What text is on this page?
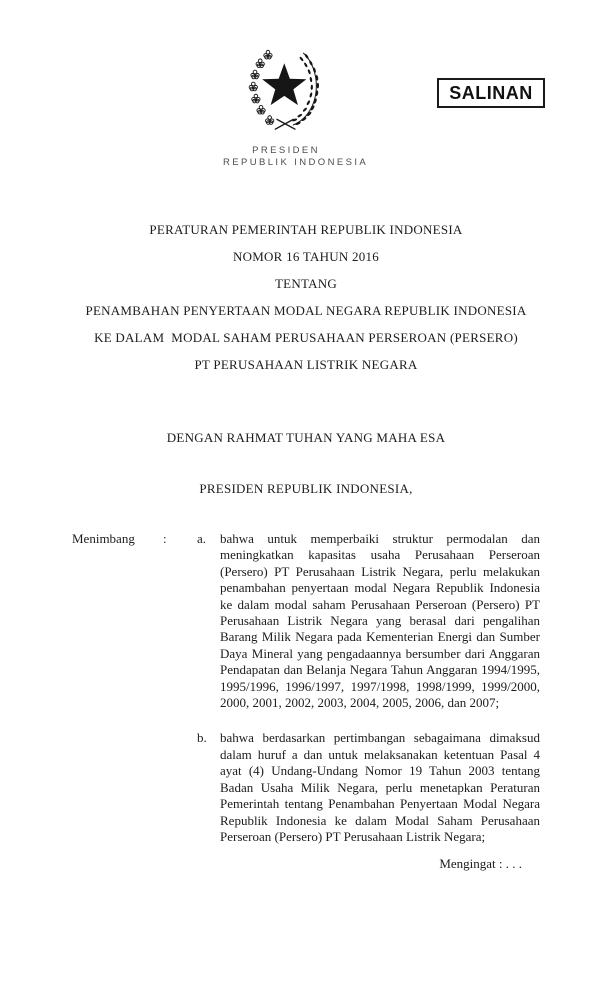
PRESIDEN
REPUBLIK INDONESIA
SALINAN
PERATURAN PEMERINTAH REPUBLIK INDONESIA
NOMOR 16 TAHUN 2016
TENTANG
PENAMBAHAN PENYERTAAN MODAL NEGARA REPUBLIK INDONESIA
KE DALAM  MODAL SAHAM PERUSAHAAN PERSEROAN (PERSERO)
PT PERUSAHAAN LISTRIK NEGARA
DENGAN RAHMAT TUHAN YANG MAHA ESA
PRESIDEN REPUBLIK INDONESIA,
Menimbang	:	a.	bahwa untuk memperbaiki struktur permodalan dan meningkatkan kapasitas usaha Perusahaan Perseroan (Persero) PT Perusahaan Listrik Negara, perlu melakukan penambahan penyertaan modal Negara Republik Indonesia ke dalam modal saham Perusahaan Perseroan (Persero) PT Perusahaan Listrik Negara yang berasal dari pengalihan Barang Milik Negara pada Kementerian Energi dan Sumber Daya Mineral yang pengadaannya bersumber dari Anggaran Pendapatan dan Belanja Negara Tahun Anggaran 1994/1995, 1995/1996, 1996/1997, 1997/1998, 1998/1999, 1999/2000, 2000, 2001, 2002, 2003, 2004, 2005, 2006, dan 2007;
b.	bahwa berdasarkan pertimbangan sebagaimana dimaksud dalam huruf a dan untuk melaksanakan ketentuan Pasal 4 ayat (4) Undang-Undang Nomor 19 Tahun 2003 tentang Badan Usaha Milik Negara, perlu menetapkan Peraturan Pemerintah tentang Penambahan Penyertaan Modal Negara Republik Indonesia ke dalam Modal Saham Perusahaan Perseroan (Persero) PT Perusahaan Listrik Negara;
Mengingat : . . .
